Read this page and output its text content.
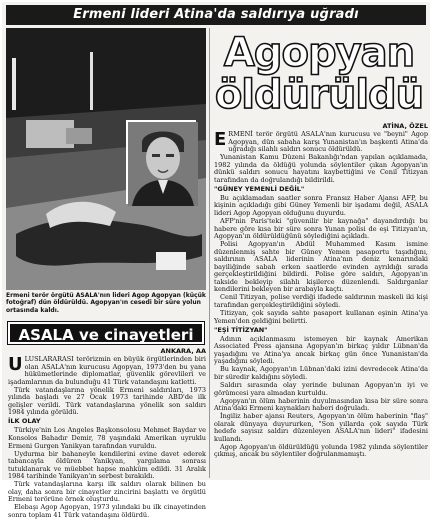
Ermeni lideri Atina'da saldırıya uğradı
Ermeni terör örgütü ASALA'nın lideri Agop Agopyan (küçük fotoğraf) dün öldürüldü. Agopyan'ın cesedi bir süre yolun ortasında kaldı.
Agopyan
öldürüldü
ATİNA, ÖZEL

ERMENİ terör örgütü ASALA'nın kurucusu ve "beyni" Agop Agopyan, dün sabaha karşı Yunanistan'ın başkenti Atina'da uğradığı silahlı saldırı sonucu öldürüldü.

Yunanistan Kamu Düzeni Bakanlığı'ndan yapılan açıklamada, 1982 yılında da öldüğü yolunda söylentiler çıkan Agopyan'ın dünkü saldırı sonucu hayatını kaybettiğini ve Cenil Titizyan tarafından da doğrulandığı bildirildi.

"GÜNEY YEMENLİ DEĞİL"

Bu açıklamadan saatler sonra Fransız Haber Ajansı AFP, bu kişinin açıkladığı gibi Güney Yemenli bir işadamı değil, ASALA lideri Agop Agopyan olduğunu duyurdu.

AFP'nin Paris'teki "güvenilir bir kaynağa" dayandırdığı bu habere göre kısa bir süre sonra Yunan polisi de eşi Titizyan'ın, Agopyan'ın öldürüldüğünü söylediğini açıkladı.

Polisi Agopyan'ın Abdül Muhammed Kasım ismine düzenlenmiş sahte bir Güney Yemen pasaportu taşıdığını, saldırının ASALA liderinin Atina'nın deniz kenarındaki bayiliğinde sabah erken saatlerde evinden ayrıldığı sırada gerçekleştirildiğini bildirdi. Polise göre saldırı, Agopyan'ın takside bekleyip silahlı kişilerce düzenlendi. Saldırganlar kendilerini bekleyen bir arabayla kaçtı.

Cenil Titizyan, polise verdiği ifadede saldırının maskeli iki kişi tarafından gerçekleştirildiğini söyledi.

Titizyan, çok sayıda sahte pasaport kullanan eşinin Atina'ya Yemen'den geldiğini belirtti.

"EŞİ TİTİZYAN"

Adının açıklanmasını istemeyen bir kaynak Amerikan Associated Press ajansına Agopyan'ın birkaç yıldır Lübnan'da yaşadığını ve Atina'ya ancak birkaç gün önce Yunanistan'da yaşadığını söyledi.

Bu kaynak, Agopyan'ın Lübnan'daki izini devredecek Atina'da bir süredir kaldığını söyledi.

Saldırı sırasında olay yerinde bulunan Agopyan'ın iyi ve görümcesi yara almadan kurtuldu.

Agopyan'ın ölüm haberinin duyulmasından kısa bir süre sonra Atina'daki Ermeni kaynakları haberi doğruladı.

İngiliz haber ajansı Reuters, Agopyan'ın ölüm haberinin "flaş" olarak dünyaya duyururken, "Son yıllarda çok sayıda Türk hedefe sayısız saldırı düzenleyen ASALA'nın lideri" ifadesini kullandı.

Agop Agopyan'ın öldürüldüğü yolunda 1982 yılında söylentiler çıkmış, ancak bu söylentiler doğrulanmamıştı.

ASALA ve cinayetleri
ANKARA, AA

ULUSLARARASI terörizmin en büyük örgütlerinden biri olan ASALA'nın kurucusu Agopyan, 1973'den bu yana hükümetlerinde diplomatlar, güvenlik görevlileri ve işadamlarının da bulunduğu 41 Türk vatandaşını katletti.

Türk vatandaşlarına yönelik Ermeni saldırıları, 1973 yılında başladı ve 27 Ocak 1973 tarihinde ABD'de ilk gelişler verildi. Türk vatandaşlarına yönelik son saldırı 1984 yılında görüldü.

İLK OLAY

Türkiye'nin Los Angeles Başkonsolosu Mehmet Baydar ve Konsolos Bahadır Demir, 78 yaşındaki Amerikan uyruklu Ermeni Gurgen Yanikyan tarafından vuruldu.

Uydurma bir bahaneyle kendilerini evine davet ederek tabancayla öldüren Yanikyan, yargılama sonrası tutuklanarak ve müebbet hapse mahkûm edildi. 31 Aralık 1984 tarihinde Yanikyan'ın serbest bırakıldı.

Türk vatandaşlarına karşı ilk saldırı olarak bilinen bu olay, daha sonra bir cinayetler zincirini başlattı ve örgütlü Ermeni terörüne örnek oluşturdu.

Elebaşı Agop Agopyan, 1973 yılındaki bu ilk cinayetinden sonra toplam 41 Türk vatandaşını öldürdü.
